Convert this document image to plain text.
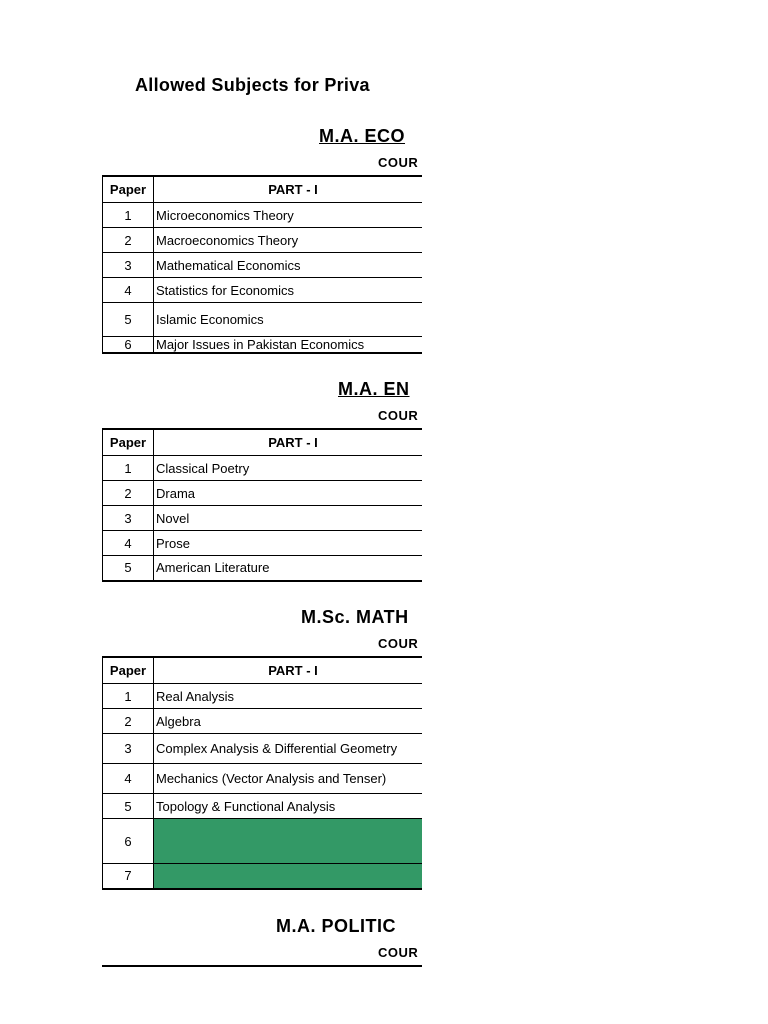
Allowed Subjects for Priva
M.A. ECO
COUR
Paper	PART - I
1	Microeconomics Theory
2	Macroeconomics Theory
3	Mathematical Economics
4	Statistics for Economics
5	Islamic Economics
6	Major Issues in Pakistan Economics
M.A. EN
COUR
Paper	PART - I
1	Classical Poetry
2	Drama
3	Novel
4	Prose
5	American Literature
M.Sc. MATH
COUR
Paper	PART - I
1	Real Analysis
2	Algebra
3	Complex Analysis & Differential Geometry
4	Mechanics (Vector Analysis and Tenser)
5	Topology & Functional Analysis
6	
7	
M.A. POLITIC
COUR
